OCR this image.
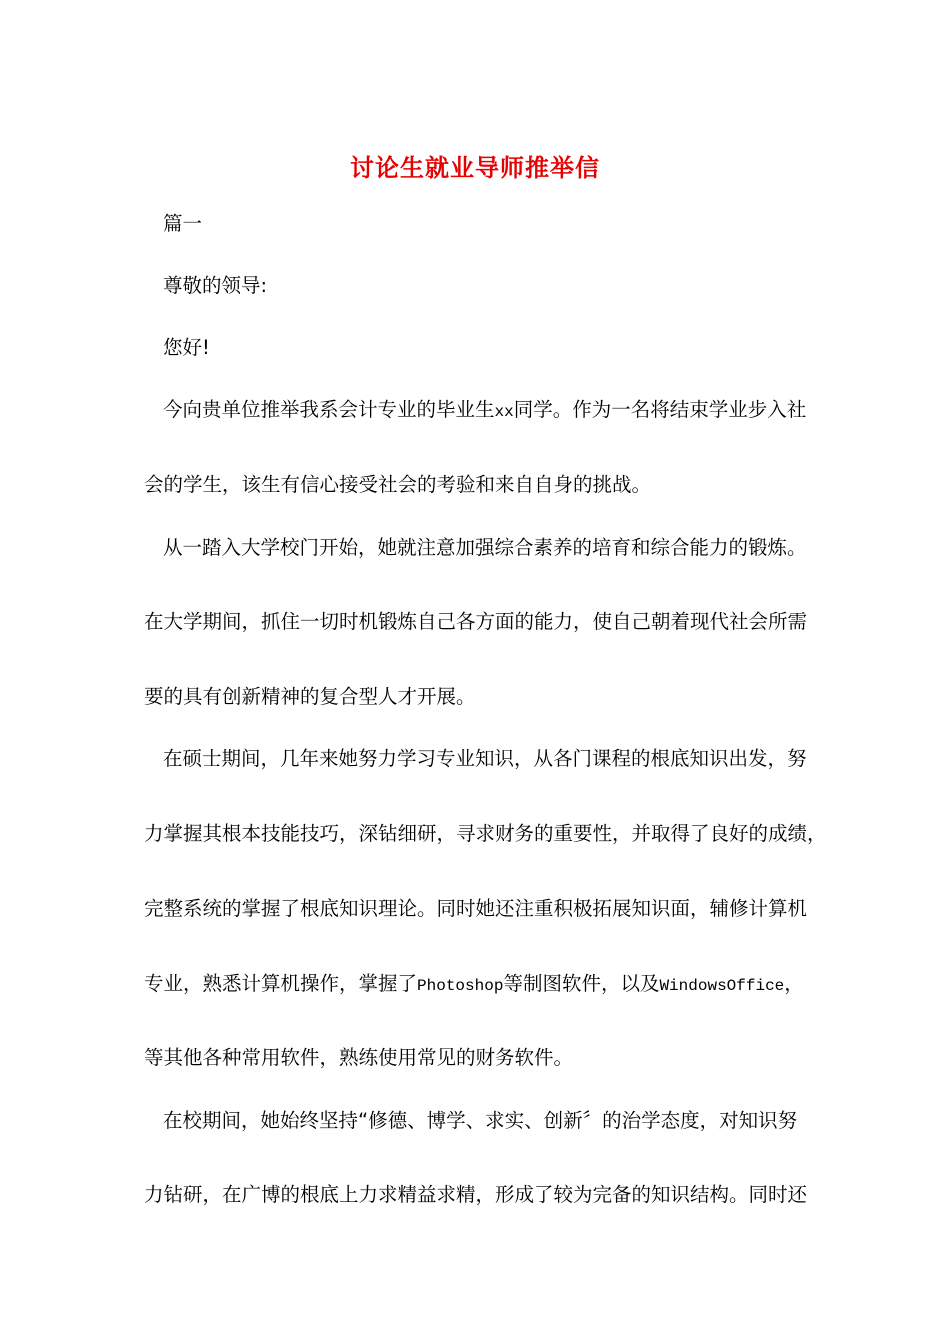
讨论生就业导师推举信
篇一
尊敬的领导:
您好!
今向贵单位推举我系会计专业的毕业生xx同学。作为一名将结束学业步入社
会的学生，该生有信心接受社会的考验和来自自身的挑战。
从一踏入大学校门开始，她就注意加强综合素养的培育和综合能力的锻炼。
在大学期间，抓住一切时机锻炼自己各方面的能力，使自己朝着现代社会所需
要的具有创新精神的复合型人才开展。
在硕士期间，几年来她努力学习专业知识，从各门课程的根底知识出发，努
力掌握其根本技能技巧，深钻细研，寻求财务的重要性，并取得了良好的成绩，
完整系统的掌握了根底知识理论。同时她还注重积极拓展知识面，辅修计算机
专业，熟悉计算机操作，掌握了Photoshop等制图软件，以及WindowsOffice，
等其他各种常用软件，熟练使用常见的财务软件。
在校期间，她始终坚持“修德、博学、求实、创新〞的治学态度，对知识努
力钻研，在广博的根底上力求精益求精，形成了较为完备的知识结构。同时还
